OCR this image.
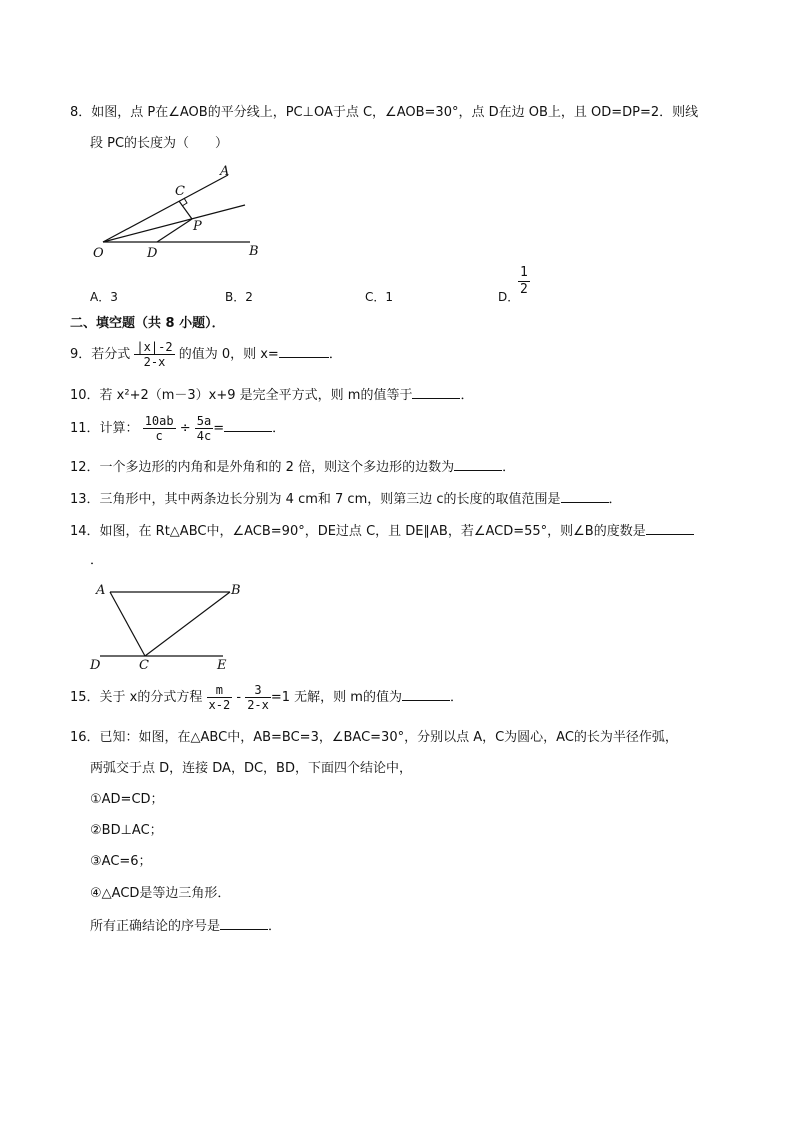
8．如图，点 P在∠AOB的平分线上，PC⊥OA于点 C，∠AOB=30°，点 D在边 OB上，且 OD=DP=2．则线
段 PC的长度为（　　）
A
C
P
O	D	B
A．3	B．2	C．1	D．
$\frac{1}{2}$
二、填空题（共 8 小题）．
9．若分式 $\frac{|x|-2}{2-x}$ 的值为 0，则 x=	．
10．若 x²+2（m－3）x+9 是完全平方式，则 m的值等于	．
11．计算： $\frac{10ab}{c} \div \frac{5a}{4c}$ =	．
12．一个多边形的内角和是外角和的 2 倍，则这个多边形的边数为	．
13．三角形中，其中两条边长分别为 4 cm和 7 cm，则第三边 c的长度的取值范围是	．
14．如图，在 Rt△ABC中，∠ACB=90°，DE过点 C，且 DE∥AB，若∠ACD=55°，则∠B的度数是
．
A	B
D	C	E
15．关于 x的分式方程 $\frac{m}{x-2} - \frac{3}{2-x} =1$ 无解，则 m的值为	．
16．已知：如图，在△ABC中，AB=BC=3，∠BAC=30°，分别以点 A，C为圆心，AC的长为半径作弧，
两弧交于点 D，连接 DA，DC，BD，下面四个结论中，
①AD=CD；
②BD⊥AC；
③AC=6；
④△ACD是等边三角形．
所有正确结论的序号是	．
